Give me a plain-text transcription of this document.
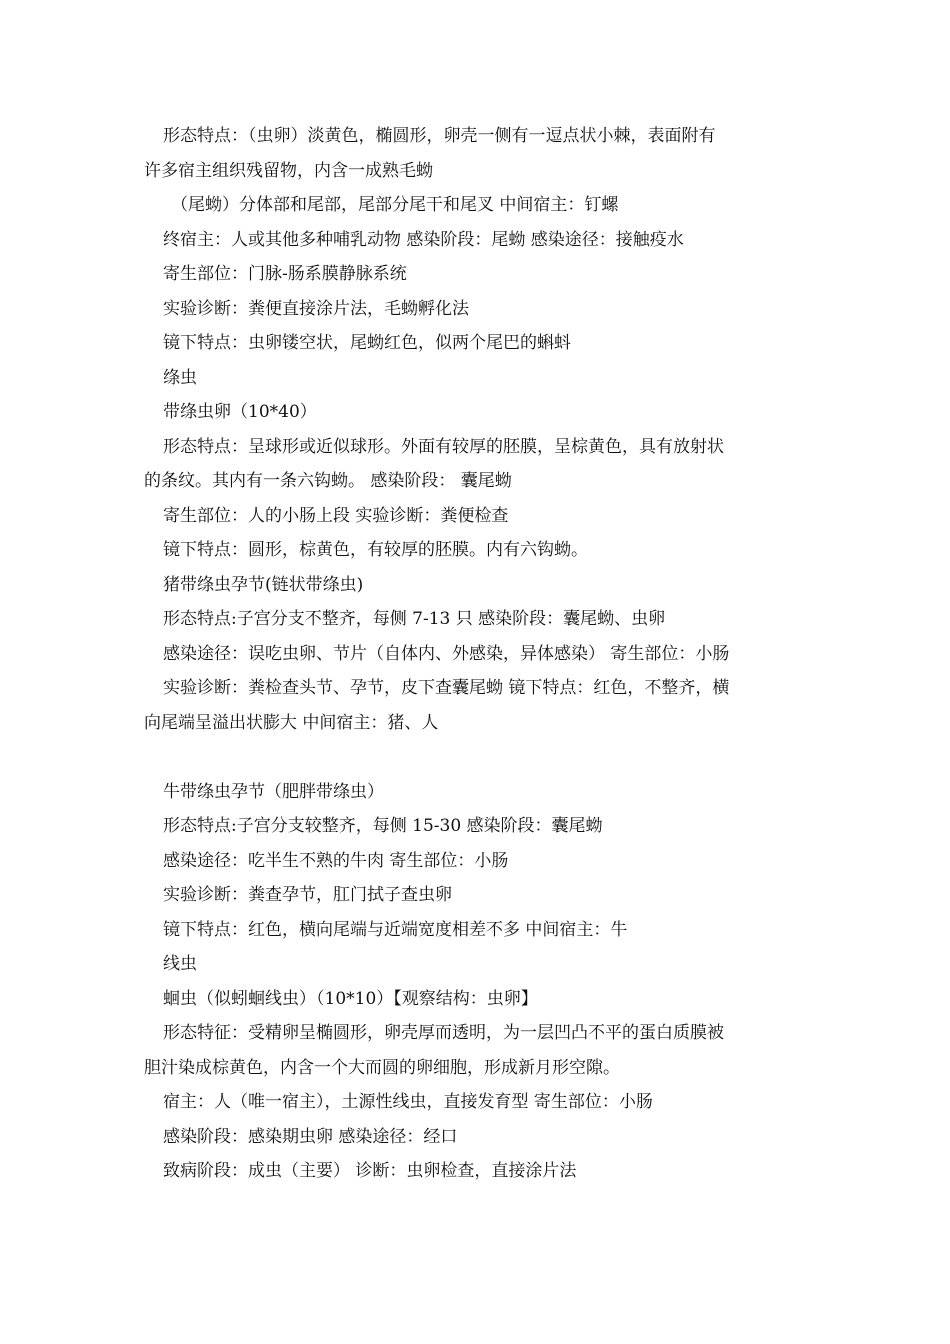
形态特点：（虫卵）淡黄色，椭圆形，卵壳一侧有一逗点状小棘，表面附有
许多宿主组织残留物，内含一成熟毛蚴
（尾蚴）分体部和尾部，尾部分尾干和尾叉 中间宿主：钉螺
终宿主：人或其他多种哺乳动物 感染阶段：尾蚴 感染途径：接触疫水
寄生部位：门脉-肠系膜静脉系统
实验诊断：粪便直接涂片法，毛蚴孵化法
镜下特点：虫卵镂空状，尾蚴红色，似两个尾巴的蝌蚪
绦虫
带绦虫卵（10*40）
形态特点：呈球形或近似球形。外面有较厚的胚膜，呈棕黄色，具有放射状
的条纹。其内有一条六钩蚴。 感染阶段： 囊尾蚴
寄生部位：人的小肠上段 实验诊断：粪便检查
镜下特点：圆形，棕黄色，有较厚的胚膜。内有六钩蚴。
猪带绦虫孕节(链状带绦虫)
形态特点:子宫分支不整齐，每侧 7-13 只 感染阶段：囊尾蚴、虫卵
感染途径：误吃虫卵、节片（自体内、外感染，异体感染） 寄生部位：小肠
实验诊断：粪检查头节、孕节，皮下查囊尾蚴 镜下特点：红色，不整齐，横
向尾端呈溢出状膨大 中间宿主：猪、人
牛带绦虫孕节（肥胖带绦虫）
形态特点:子宫分支较整齐，每侧 15-30 感染阶段：囊尾蚴
感染途径：吃半生不熟的牛肉 寄生部位：小肠
实验诊断：粪查孕节，肛门拭子查虫卵
镜下特点：红色，横向尾端与近端宽度相差不多 中间宿主：牛
线虫
蛔虫（似蚓蛔线虫）（10*10）【观察结构：虫卵】
形态特征：受精卵呈椭圆形，卵壳厚而透明，为一层凹凸不平的蛋白质膜被
胆汁染成棕黄色，内含一个大而圆的卵细胞，形成新月形空隙。
宿主：人（唯一宿主），土源性线虫，直接发育型 寄生部位：小肠
感染阶段：感染期虫卵 感染途径：经口
致病阶段：成虫（主要） 诊断：虫卵检查，直接涂片法
